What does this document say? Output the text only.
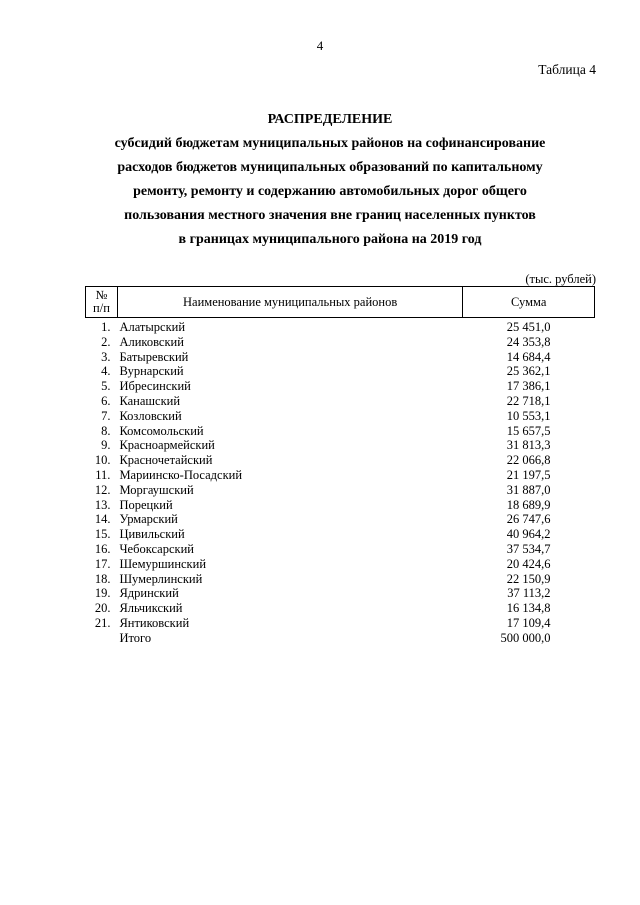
4
Таблица 4
РАСПРЕДЕЛЕНИЕ
субсидий бюджетам муниципальных районов на софинансирование
расходов бюджетов муниципальных образований по капитальному
ремонту, ремонту и содержанию автомобильных дорог общего
пользования местного значения вне границ населенных пунктов
в границах муниципального района на 2019 год
(тыс. рублей)
№
п/п	Наименование муниципальных районов	Сумма
1.	Алатырский	25 451,0
2.	Аликовский	24 353,8
3.	Батыревский	14 684,4
4.	Вурнарский	25 362,1
5.	Ибресинский	17 386,1
6.	Канашский	22 718,1
7.	Козловский	10 553,1
8.	Комсомольский	15 657,5
9.	Красноармейский	31 813,3
10.	Красночетайский	22 066,8
11.	Мариинско-Посадский	21 197,5
12.	Моргаушский	31 887,0
13.	Порецкий	18 689,9
14.	Урмарский	26 747,6
15.	Цивильский	40 964,2
16.	Чебоксарский	37 534,7
17.	Шемуршинский	20 424,6
18.	Шумерлинский	22 150,9
19.	Ядринский	37 113,2
20.	Яльчикский	16 134,8
21.	Янтиковский	17 109,4
	Итого	500 000,0
